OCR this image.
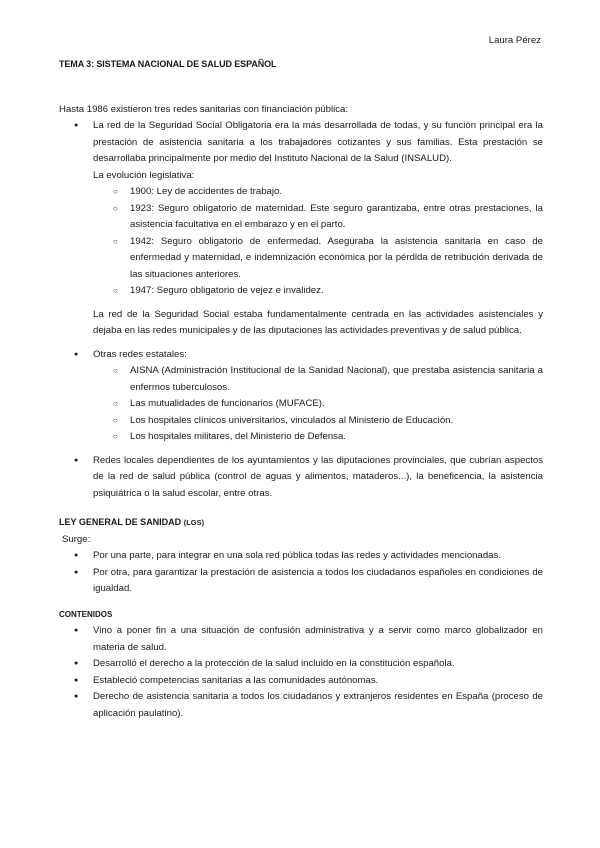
Laura Pérez

TEMA 3: SISTEMA NACIONAL DE SALUD ESPAÑOL

Hasta 1986 existieron tres redes sanitarias con financiación pública:

● La red de la Seguridad Social Obligatoria era la más desarrollada de todas, y su función principal era la prestación de asistencia sanitaria a los trabajadores cotizantes y sus familias. Esta prestación se desarrollaba principalmente por medio del Instituto Nacional de la Salud (INSALUD).

La evolución legislativa:

○ 1900: Ley de accidentes de trabajo.

○ 1923: Seguro obligatorio de maternidad. Este seguro garantizaba, entre otras prestaciones, la asistencia facultativa en el embarazo y en el parto.

○ 1942: Seguro obligatorio de enfermedad. Aseguraba la asistencia sanitaria en caso de enfermedad y maternidad, e indemnización económica por la pérdida de retribución derivada de las situaciones anteriores.

○ 1947: Seguro obligatorio de vejez e invalidez.

La red de la Seguridad Social estaba fundamentalmente centrada en las actividades asistenciales y dejaba en las redes municipales y de las diputaciones las actividades preventivas y de salud pública.

● Otras redes estatales:

○ AISNA (Administración Institucional de la Sanidad Nacional), que prestaba asistencia sanitaria a enfermos tuberculosos.

○ Las mutualidades de funcionarios (MUFACE).

○ Los hospitales clínicos universitarios, vinculados al Ministerio de Educación.

○ Los hospitales militares, del Ministerio de Defensa.

● Redes locales dependientes de los ayuntamientos y las diputaciones provinciales, que cubrían aspectos de la red de salud pública (control de aguas y alimentos, mataderos...), la beneficencia, la asistencia psiquiátrica o la salud escolar, entre otras.

LEY GENERAL DE SANIDAD (LGS)

Surge:

● Por una parte, para integrar en una sola red pública todas las redes y actividades mencionadas.

● Por otra, para garantizar la prestación de asistencia a todos los ciudadanos españoles en condiciones de igualdad.

CONTENIDOS

● Vino a poner fin a una situación de confusión administrativa y a servir como marco globalizador en materia de salud.

● Desarrolló el derecho a la protección de la salud incluido en la constitución española.

● Estableció competencias sanitarias a las comunidades autónomas.

● Derecho de asistencia sanitaria a todos los ciudadanos y extranjeros residentes en España (proceso de aplicación paulatino).
